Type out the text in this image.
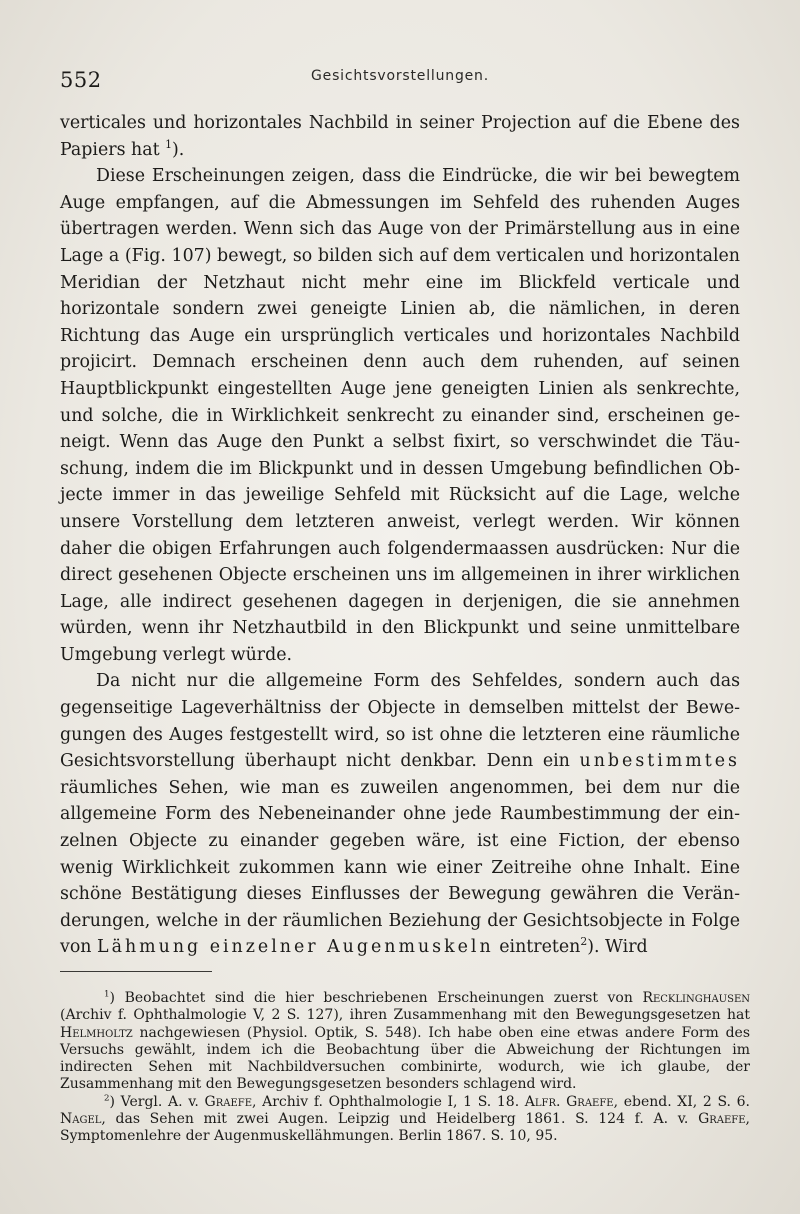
552	Gesichtsvorstellungen.

verticales und horizontales Nachbild in seiner Projection auf die Ebene des Papiers hat $^1$).

Diese Erscheinungen zeigen, dass die Eindrücke, die wir bei bewegtem Auge empfangen, auf die Abmessungen im Sehfeld des ruhenden Auges übertragen werden. Wenn sich das Auge von der Primärstellung aus in eine Lage a (Fig. 107) bewegt, so bilden sich auf dem verticalen und horizontalen Meridian der Netzhaut nicht mehr eine im Blickfeld verticale und horizontale sondern zwei geneigte Linien ab, die nämlichen, in deren Richtung das Auge ein ursprünglich verticales und horizontales Nachbild projicirt. Demnach erscheinen denn auch dem ruhenden, auf seinen Hauptblickpunkt eingestellten Auge jene geneigten Linien als senkrechte, und solche, die in Wirklichkeit senkrecht zu einander sind, erscheinen geneigt. Wenn das Auge den Punkt a selbst fixirt, so verschwindet die Täuschung, indem die im Blickpunkt und in dessen Umgebung befindlichen Objecte immer in das jeweilige Sehfeld mit Rücksicht auf die Lage, welche unsere Vorstellung dem letzteren anweist, verlegt werden. Wir können daher die obigen Erfahrungen auch folgendermaassen ausdrücken: Nur die direct gesehenen Objecte erscheinen uns im allgemeinen in ihrer wirklichen Lage, alle indirect gesehenen dagegen in derjenigen, die sie annehmen würden, wenn ihr Netzhautbild in den Blickpunkt und seine unmittelbare Umgebung verlegt würde.

Da nicht nur die allgemeine Form des Sehfeldes, sondern auch das gegenseitige Lageverhältniss der Objecte in demselben mittelst der Bewegungen des Auges festgestellt wird, so ist ohne die letzteren eine räumliche Gesichtsvorstellung überhaupt nicht denkbar. Denn ein unbestimmtes räumliches Sehen, wie man es zuweilen angenommen, bei dem nur die allgemeine Form des Nebeneinander ohne jede Raumbestimmung der einzelnen Objecte zu einander gegeben wäre, ist eine Fiction, der ebenso wenig Wirklichkeit zukommen kann wie einer Zeitreihe ohne Inhalt. Eine schöne Bestätigung dieses Einflusses der Bewegung gewähren die Veränderungen, welche in der räumlichen Beziehung der Gesichtsobjecte in Folge von Lähmung einzelner Augenmuskeln eintreten$^2$). Wird

$^1$) Beobachtet sind die hier beschriebenen Erscheinungen zuerst von Recklinghausen (Archiv f. Ophthalmologie V, 2 S. 127), ihren Zusammenhang mit den Bewegungsgesetzen hat Helmholtz nachgewiesen (Physiol. Optik, S. 548). Ich habe oben eine etwas andere Form des Versuchs gewählt, indem ich die Beobachtung über die Abweichung der Richtungen im indirecten Sehen mit Nachbildversuchen combinirte, wodurch, wie ich glaube, der Zusammenhang mit den Bewegungsgesetzen besonders schlagend wird.

$^2$) Vergl. A. v. Graefe, Archiv f. Ophthalmologie I, 1 S. 18. Alfr. Graefe, ebend. XI, 2 S. 6. Nagel, das Sehen mit zwei Augen. Leipzig und Heidelberg 1861. S. 124 f. A. v. Graefe, Symptomenlehre der Augenmuskellähmungen. Berlin 1867. S. 10, 95.
